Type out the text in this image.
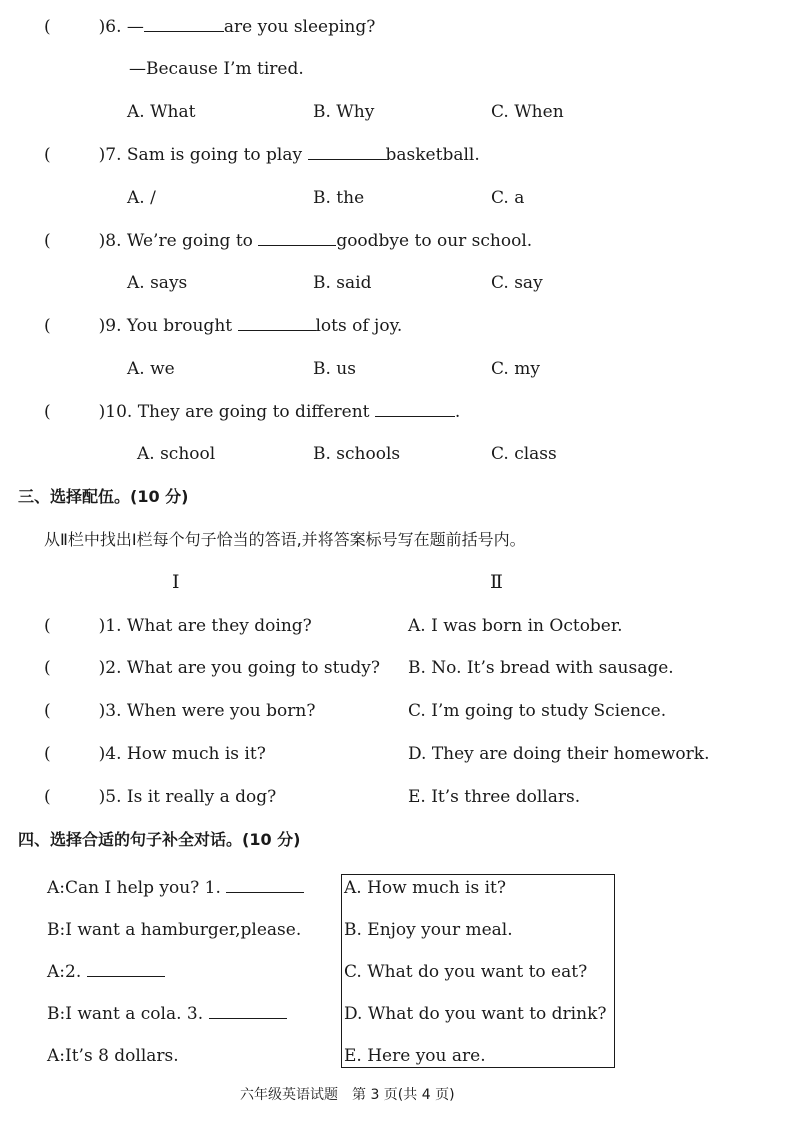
(	)6. —	are you sleeping?
—Because I’m tired.
A. What	B. Why	C. When
(	)7. Sam is going to play	basketball.
A. /	B. the	C. a
(	)8. We’re going to	goodbye to our school.
A. says	B. said	C. say
(	)9. You brought	lots of joy.
A. we	B. us	C. my
(	)10. They are going to different	.
A. school	B. schools	C. class
三、选择配伍。(10 分)
从Ⅱ栏中找出Ⅰ栏每个句子恰当的答语,并将答案标号写在题前括号内。
Ⅰ	Ⅱ
(	)1. What are they doing?	A. I was born in October.
(	)2. What are you going to study? B. No. It’s bread with sausage.
(	)3. When were you born?	C. I’m going to study Science.
(	)4. How much is it?	D. They are doing their homework.
(	)5. Is it really a dog?	E. It’s three dollars.
四、选择合适的句子补全对话。(10 分)
A:Can I help you? 1.
B:I want a hamburger,please.
A:2.
B:I want a cola. 3.
A:It’s 8 dollars.
A. How much is it?
B. Enjoy your meal.
C. What do you want to eat?
D. What do you want to drink?
E. Here you are.
六年级英语试题　第 3 页(共 4 页)
